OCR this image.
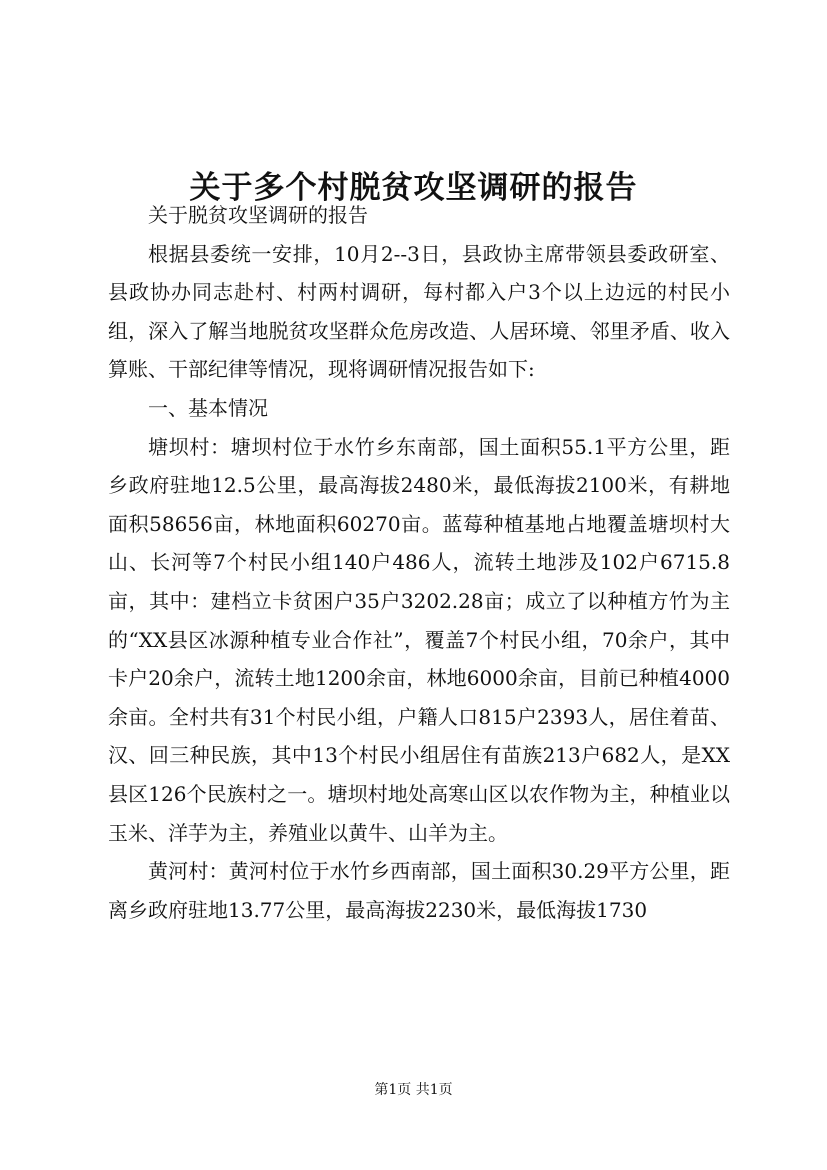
关于多个村脱贫攻坚调研的报告

关于脱贫攻坚调研的报告

根据县委统一安排，10月2--3日，县政协主席带领县委政研室、县政协办同志赴村、村两村调研，每村都入户3个以上边远的村民小组，深入了解当地脱贫攻坚群众危房改造、人居环境、邻里矛盾、收入算账、干部纪律等情况，现将调研情况报告如下:

一、基本情况

塘坝村：塘坝村位于水竹乡东南部，国土面积55.1平方公里，距乡政府驻地12.5公里，最高海拔2480米，最低海拔2100米，有耕地面积58656亩，林地面积60270亩。蓝莓种植基地占地覆盖塘坝村大山、长河等7个村民小组140户486人，流转土地涉及102户6715.8亩，其中：建档立卡贫困户35户3202.28亩；成立了以种植方竹为主的“XX县区冰源种植专业合作社”，覆盖7个村民小组，70余户，其中卡户20余户，流转土地1200余亩，林地6000余亩，目前已种植4000余亩。全村共有31个村民小组，户籍人口815户2393人，居住着苗、汉、回三种民族，其中13个村民小组居住有苗族213户682人，是XX县区126个民族村之一。塘坝村地处高寒山区以农作物为主，种植业以玉米、洋芋为主，养殖业以黄牛、山羊为主。

黄河村：黄河村位于水竹乡西南部，国土面积30.29平方公里，距离乡政府驻地13.77公里，最高海拔2230米，最低海拔1730

第1页 共1页
